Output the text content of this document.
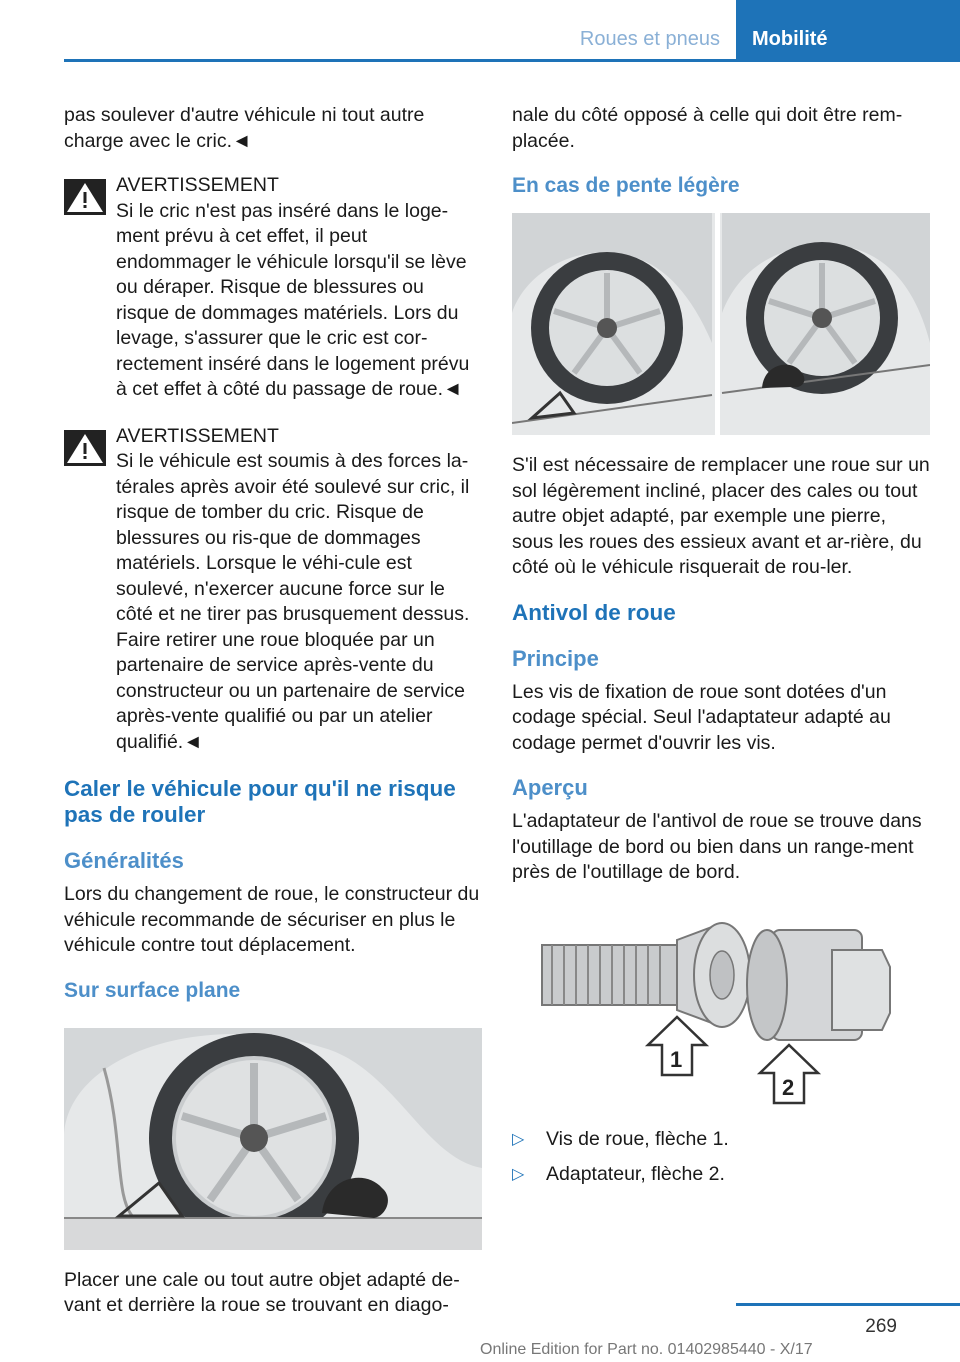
Roues et pneus	Mobilité

pas soulever d'autre véhicule ni tout autre charge avec le cric.◄

AVERTISSEMENT
Si le cric n'est pas inséré dans le loge-ment prévu à cet effet, il peut endommager le véhicule lorsqu'il se lève ou déraper. Risque de blessures ou risque de dommages matériels. Lors du levage, s'assurer que le cric est cor-rectement inséré dans le logement prévu à cet effet à côté du passage de roue.◄
AVERTISSEMENT
Si le véhicule est soumis à des forces la-térales après avoir été soulevé sur cric, il risque de tomber du cric. Risque de blessures ou ris-que de dommages matériels. Lorsque le véhi-cule est soulevé, n'exercer aucune force sur le côté et ne tirer pas brusquement dessus. Faire retirer une roue bloquée par un partenaire de service après-vente du constructeur ou un partenaire de service après-vente qualifié ou par un atelier qualifié.◄
Caler le véhicule pour qu'il ne risque pas de rouler
Généralités

Lors du changement de roue, le constructeur du véhicule recommande de sécuriser en plus le véhicule contre tout déplacement.

Sur surface plane

Placer une cale ou tout autre objet adapté de-vant et derrière la roue se trouvant en diago-

nale du côté opposé à celle qui doit être rem-placée.

En cas de pente légère

S'il est nécessaire de remplacer une roue sur un sol légèrement incliné, placer des cales ou tout autre objet adapté, par exemple une pierre, sous les roues des essieux avant et ar-rière, du côté où le véhicule risquerait de rou-ler.

Antivol de roue
Principe

Les vis de fixation de roue sont dotées d'un codage spécial. Seul l'adaptateur adapté au codage permet d'ouvrir les vis.

Aperçu

L'adaptateur de l'antivol de roue se trouve dans l'outillage de bord ou bien dans un range-ment près de l'outillage de bord.

1
2
▷ Vis de roue, flèche 1.
▷ Adaptateur, flèche 2.
269
Online Edition for Part no. 01402985440 - X/17
